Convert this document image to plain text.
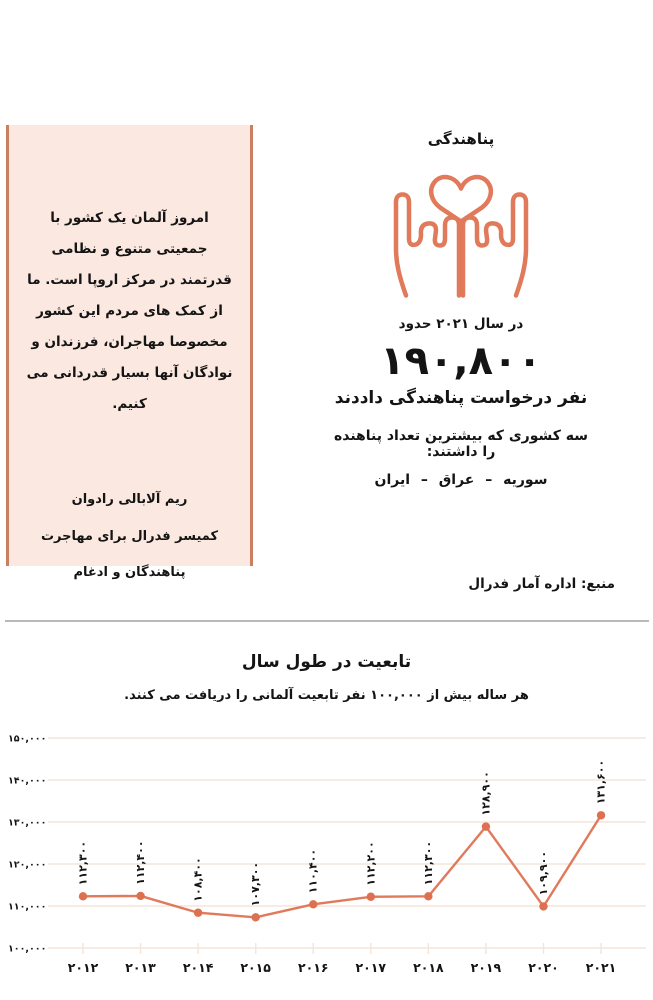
امروز آلمان یک کشور با جمعیتی متنوع و نظامی قدرتمند در مرکز اروپا است. ما از کمک های مردم این کشور مخصوصا مهاجران، فرزندان و نوادگان آنها بسیار قدردانی می کنیم.
ریم آلابالی رادوان
کمیسر فدرال برای مهاجرت
پناهندگان و ادغام
پناهندگی
در سال ۲۰۲۱ حدود
۱۹۰,۸۰۰
نفر درخواست پناهندگی داددند
سه کشوری که بیشترین تعداد پناهنده را داشتند:
سوریه – عراق – ایران
منبع: اداره آمار فدرال
تابعیت در طول سال
هر ساله بیش از ۱۰۰,۰۰۰ نفر تابعیت آلمانی را دریافت می کنند.
۱۵۰,۰۰۰
۱۴۰,۰۰۰
۱۳۰,۰۰۰
۱۲۰,۰۰۰
۱۱۰,۰۰۰
۱۰۰,۰۰۰
۱۱۲,۳۰۰	۱۱۲,۴۰۰	۱۰۸,۴۰۰	۱۰۷,۳۰۰	۱۱۰,۴۰۰	۱۱۲,۲۰۰	۱۱۲,۳۰۰
۱۲۸,۹۰۰
۱۰۹,۹۰۰
۱۳۱,۶۰۰
۲۰۱۲ ۲۰۱۳ ۲۰۱۴ ۲۰۱۵ ۲۰۱۶ ۲۰۱۷ ۲۰۱۸ ۲۰۱۹ ۲۰۲۰ ۲۰۲۱
